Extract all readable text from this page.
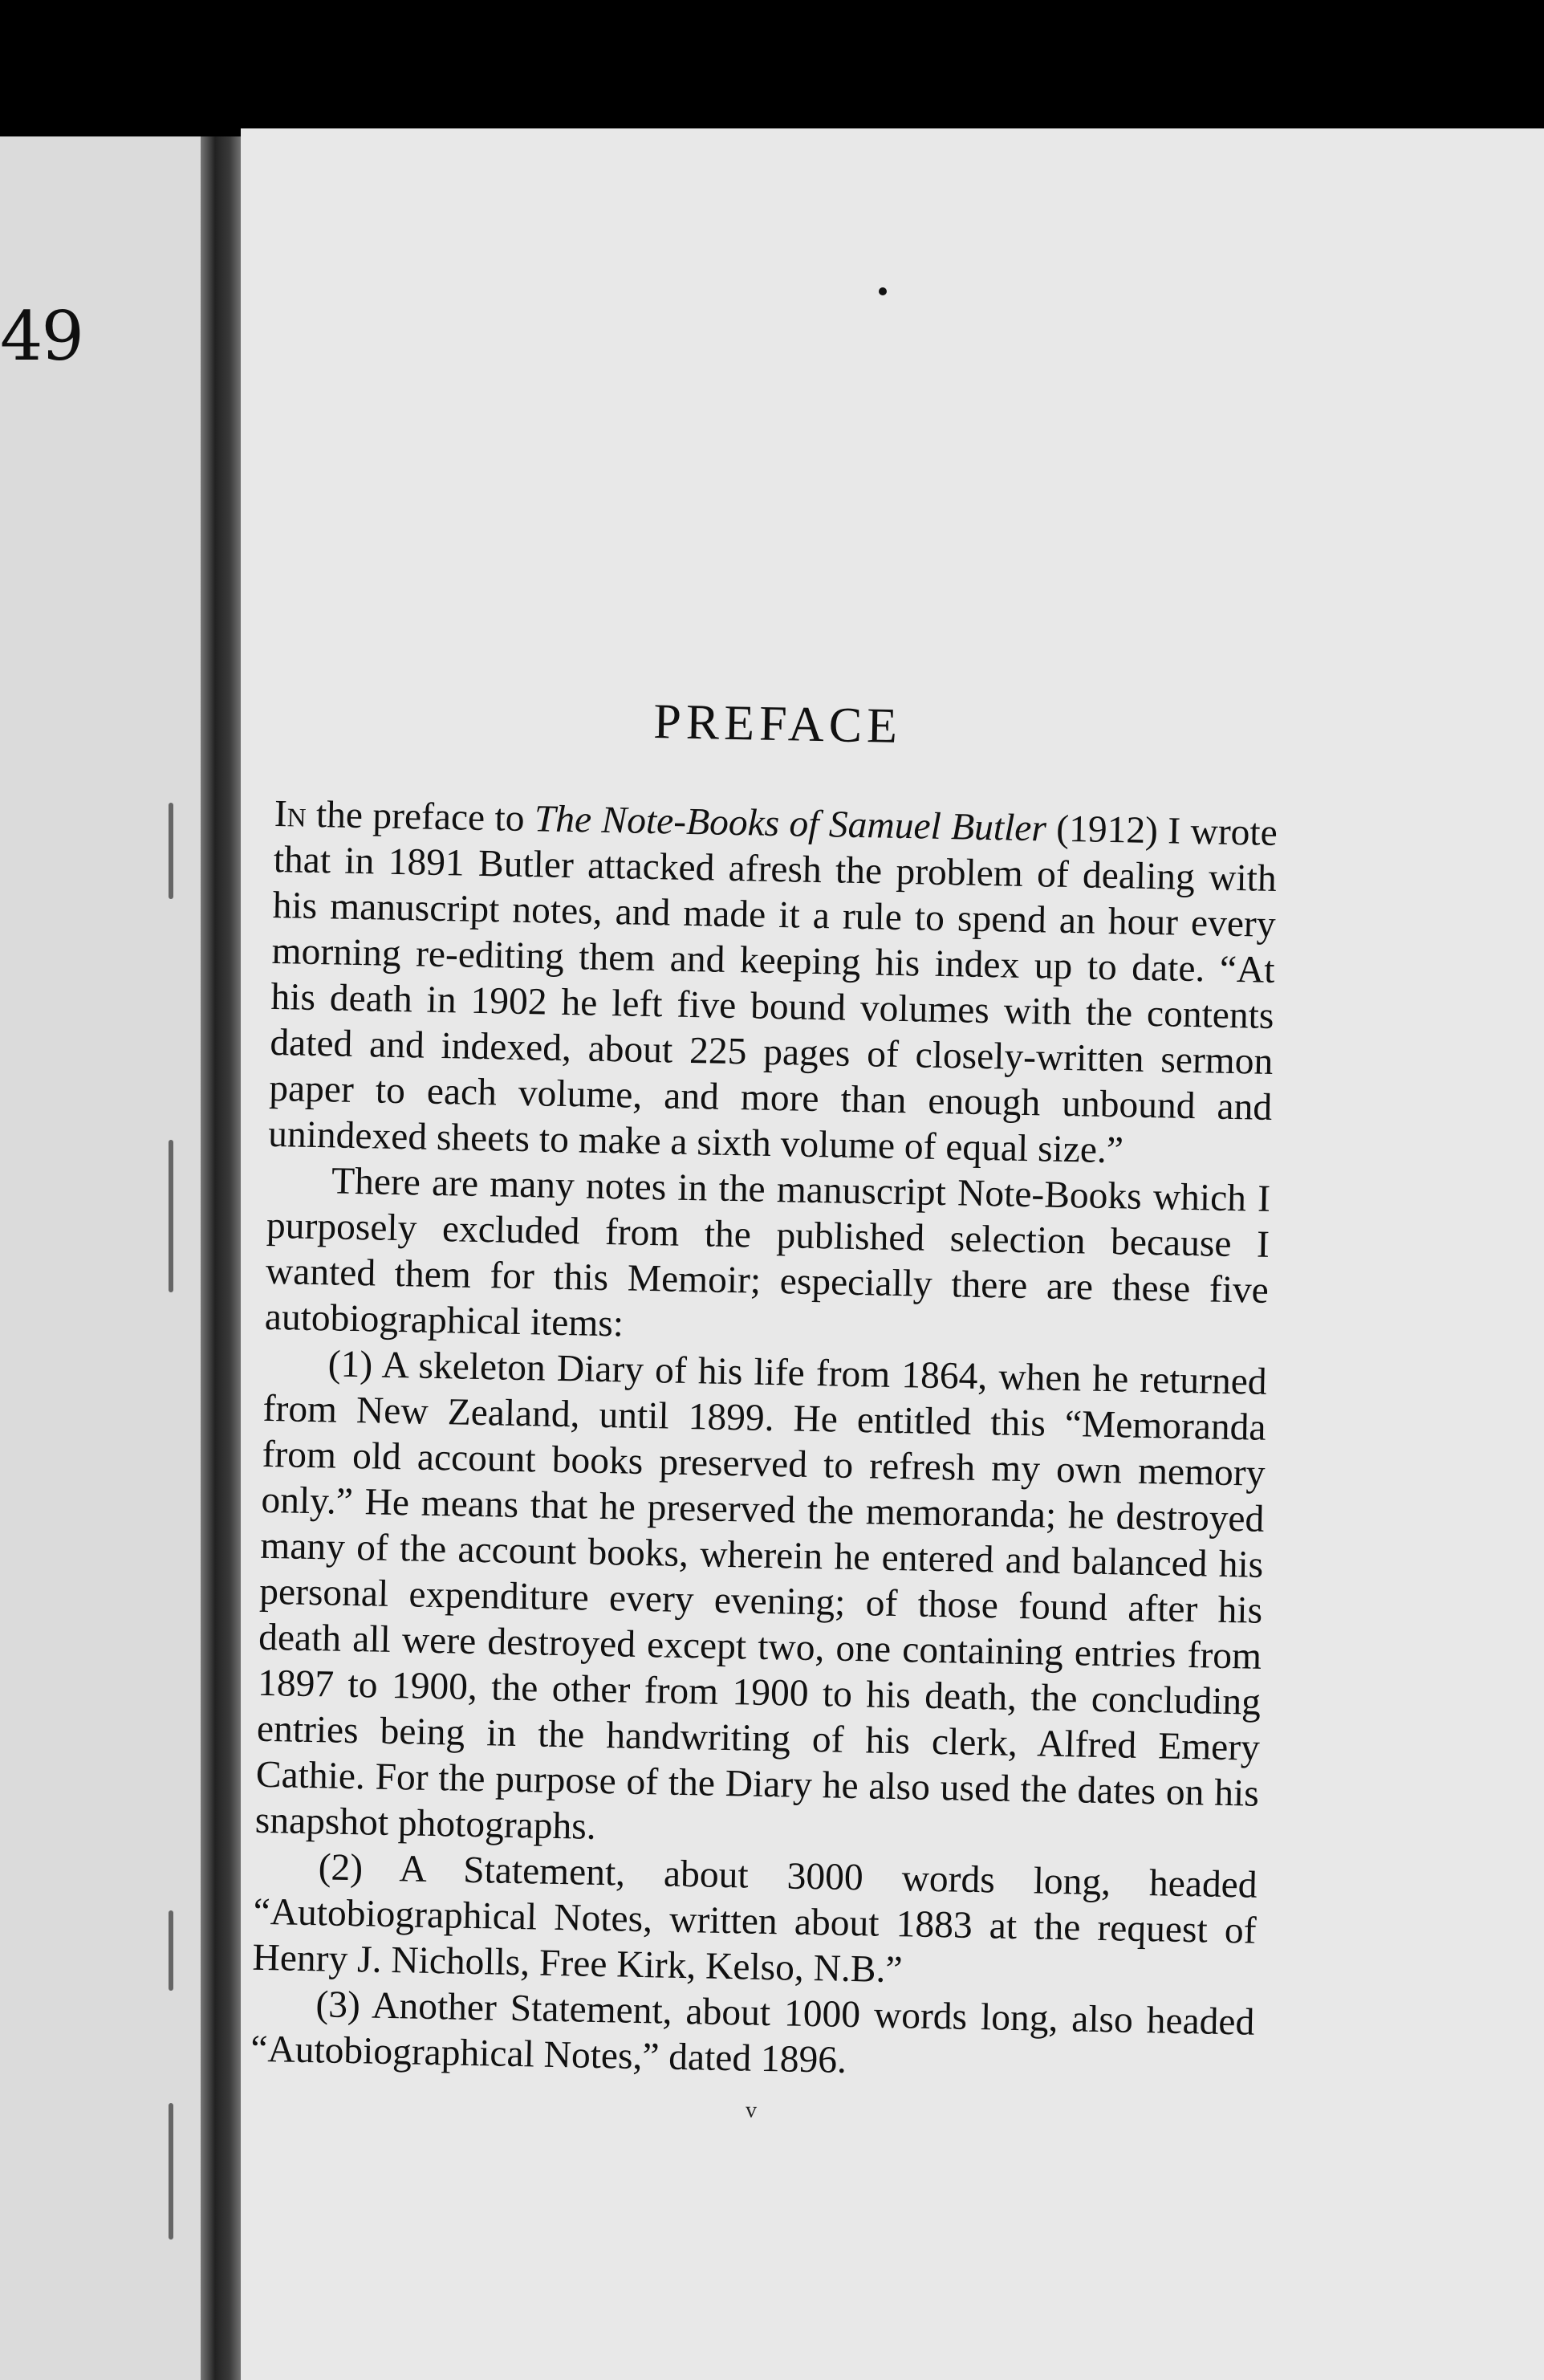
49
PREFACE

In the preface to The Note-Books of Samuel Butler (1912) I wrote that in 1891 Butler attacked afresh the problem of dealing with his manuscript notes, and made it a rule to spend an hour every morning re-editing them and keeping his index up to date. “At his death in 1902 he left five bound volumes with the contents dated and indexed, about 225 pages of closely-written sermon paper to each volume, and more than enough unbound and unindexed sheets to make a sixth volume of equal size.”

There are many notes in the manuscript Note-Books which I purposely excluded from the published selection because I wanted them for this Memoir; especially there are these five autobiographical items:

(1) A skeleton Diary of his life from 1864, when he returned from New Zealand, until 1899. He entitled this “Memoranda from old account books preserved to refresh my own memory only.” He means that he preserved the memoranda; he destroyed many of the account books, wherein he entered and balanced his personal expenditure every evening; of those found after his death all were destroyed except two, one containing entries from 1897 to 1900, the other from 1900 to his death, the concluding entries being in the handwriting of his clerk, Alfred Emery Cathie. For the purpose of the Diary he also used the dates on his snapshot photographs.

(2) A Statement, about 3000 words long, headed “Autobiographical Notes, written about 1883 at the request of Henry J. Nicholls, Free Kirk, Kelso, N.B.”

(3) Another Statement, about 1000 words long, also headed “Autobiographical Notes,” dated 1896.

v
